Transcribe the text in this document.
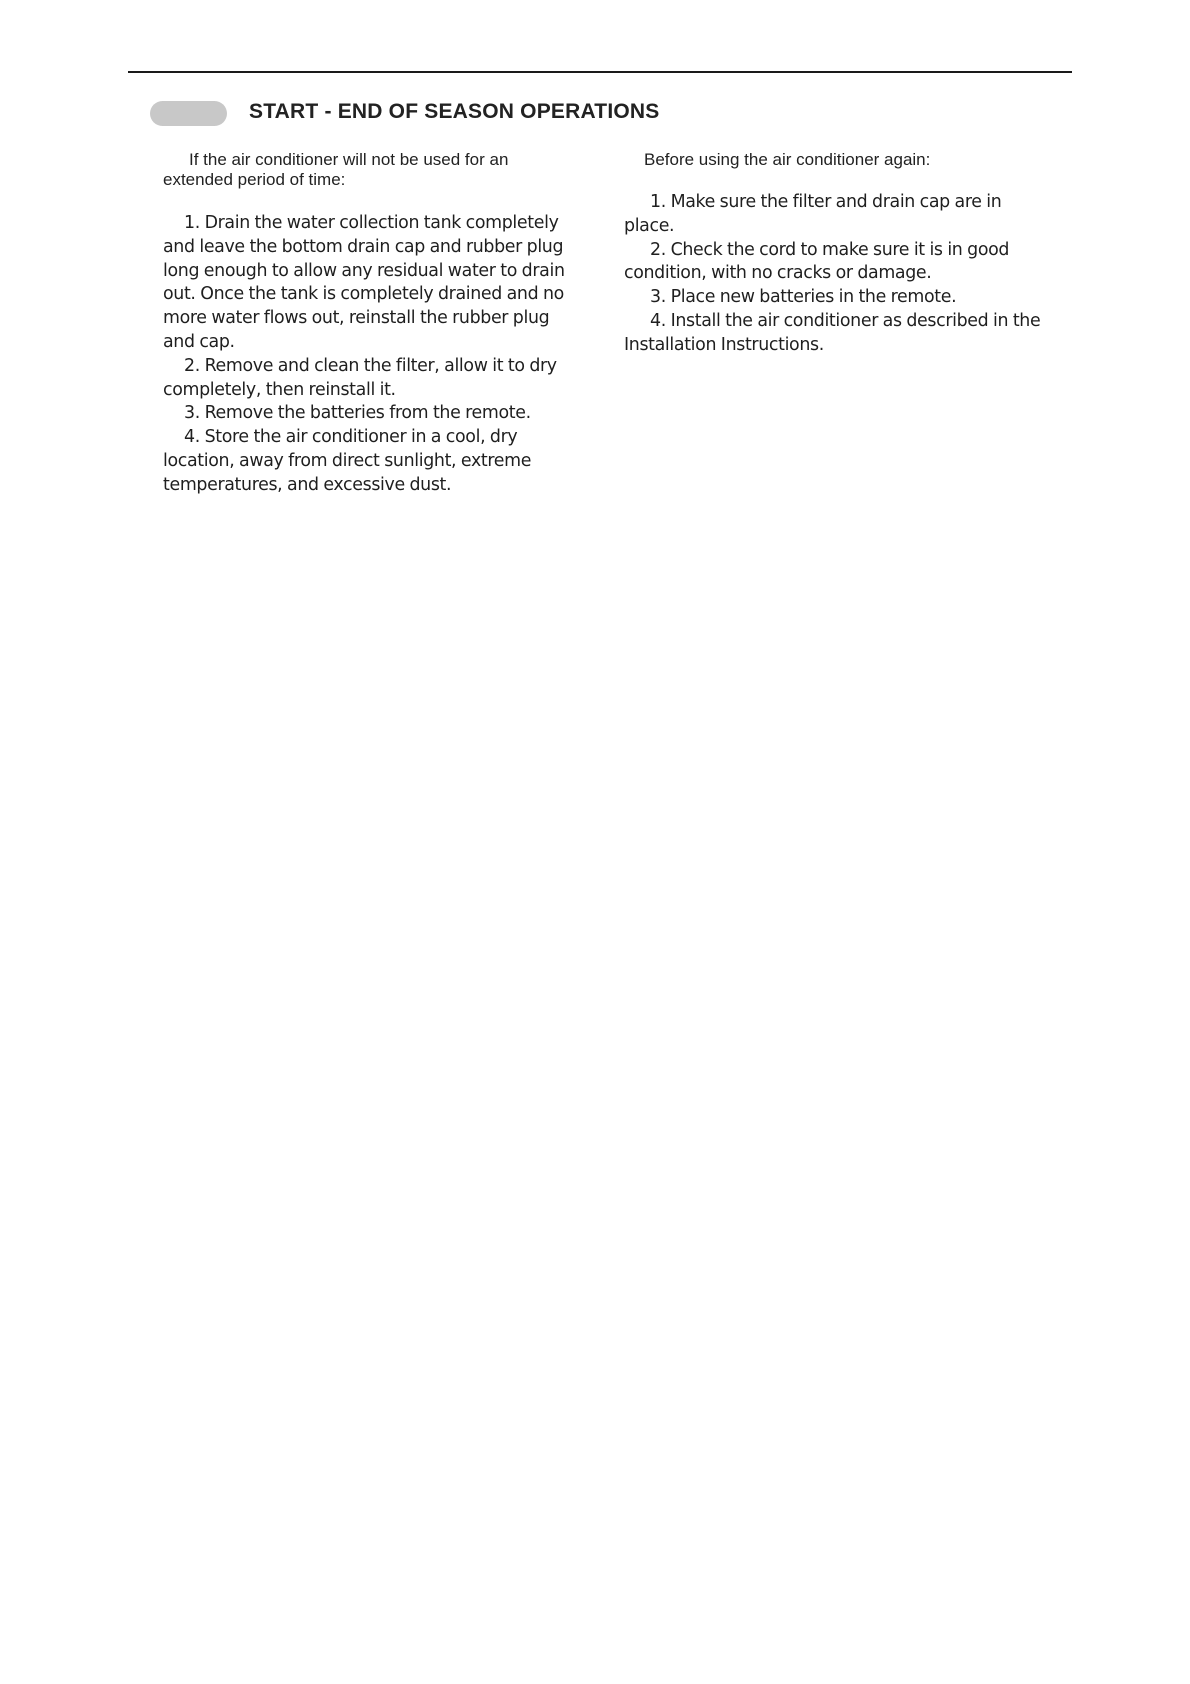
START - END OF SEASON OPERATIONS

If the air conditioner will not be used for an extended period of time:

1. Drain the water collection tank completely and leave the bottom drain cap and rubber plug long enough to allow any residual water to drain out. Once the tank is completely drained and no more water flows out, reinstall the rubber plug and cap.

2. Remove and clean the filter, allow it to dry completely, then reinstall it.

3. Remove the batteries from the remote.

4. Store the air conditioner in a cool, dry location, away from direct sunlight, extreme temperatures, and excessive dust.

Before using the air conditioner again:

1. Make sure the filter and drain cap are in place.

2. Check the cord to make sure it is in good condition, with no cracks or damage.

3. Place new batteries in the remote.

4. Install the air conditioner as described in the Installation Instructions.
